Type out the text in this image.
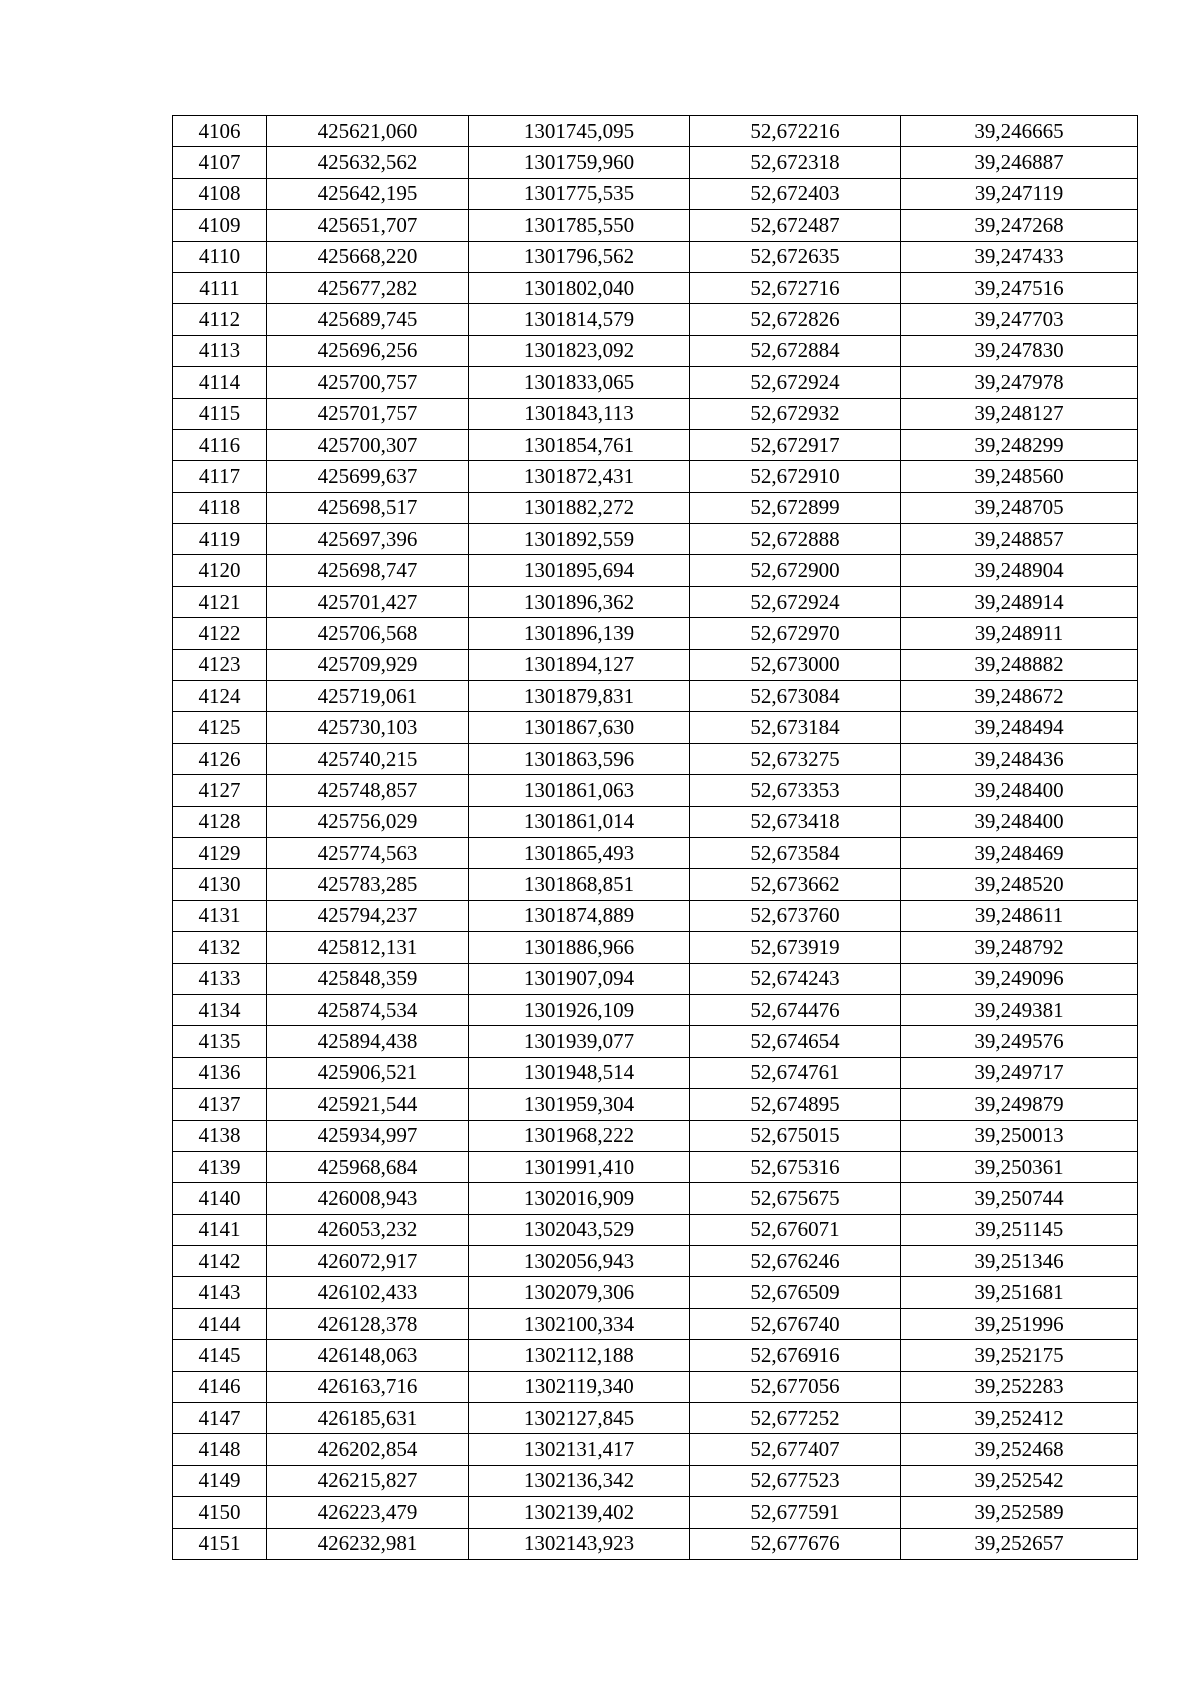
4106	425621,060	1301745,095	52,672216	39,246665
4107	425632,562	1301759,960	52,672318	39,246887
4108	425642,195	1301775,535	52,672403	39,247119
4109	425651,707	1301785,550	52,672487	39,247268
4110	425668,220	1301796,562	52,672635	39,247433
4111	425677,282	1301802,040	52,672716	39,247516
4112	425689,745	1301814,579	52,672826	39,247703
4113	425696,256	1301823,092	52,672884	39,247830
4114	425700,757	1301833,065	52,672924	39,247978
4115	425701,757	1301843,113	52,672932	39,248127
4116	425700,307	1301854,761	52,672917	39,248299
4117	425699,637	1301872,431	52,672910	39,248560
4118	425698,517	1301882,272	52,672899	39,248705
4119	425697,396	1301892,559	52,672888	39,248857
4120	425698,747	1301895,694	52,672900	39,248904
4121	425701,427	1301896,362	52,672924	39,248914
4122	425706,568	1301896,139	52,672970	39,248911
4123	425709,929	1301894,127	52,673000	39,248882
4124	425719,061	1301879,831	52,673084	39,248672
4125	425730,103	1301867,630	52,673184	39,248494
4126	425740,215	1301863,596	52,673275	39,248436
4127	425748,857	1301861,063	52,673353	39,248400
4128	425756,029	1301861,014	52,673418	39,248400
4129	425774,563	1301865,493	52,673584	39,248469
4130	425783,285	1301868,851	52,673662	39,248520
4131	425794,237	1301874,889	52,673760	39,248611
4132	425812,131	1301886,966	52,673919	39,248792
4133	425848,359	1301907,094	52,674243	39,249096
4134	425874,534	1301926,109	52,674476	39,249381
4135	425894,438	1301939,077	52,674654	39,249576
4136	425906,521	1301948,514	52,674761	39,249717
4137	425921,544	1301959,304	52,674895	39,249879
4138	425934,997	1301968,222	52,675015	39,250013
4139	425968,684	1301991,410	52,675316	39,250361
4140	426008,943	1302016,909	52,675675	39,250744
4141	426053,232	1302043,529	52,676071	39,251145
4142	426072,917	1302056,943	52,676246	39,251346
4143	426102,433	1302079,306	52,676509	39,251681
4144	426128,378	1302100,334	52,676740	39,251996
4145	426148,063	1302112,188	52,676916	39,252175
4146	426163,716	1302119,340	52,677056	39,252283
4147	426185,631	1302127,845	52,677252	39,252412
4148	426202,854	1302131,417	52,677407	39,252468
4149	426215,827	1302136,342	52,677523	39,252542
4150	426223,479	1302139,402	52,677591	39,252589
4151	426232,981	1302143,923	52,677676	39,252657
